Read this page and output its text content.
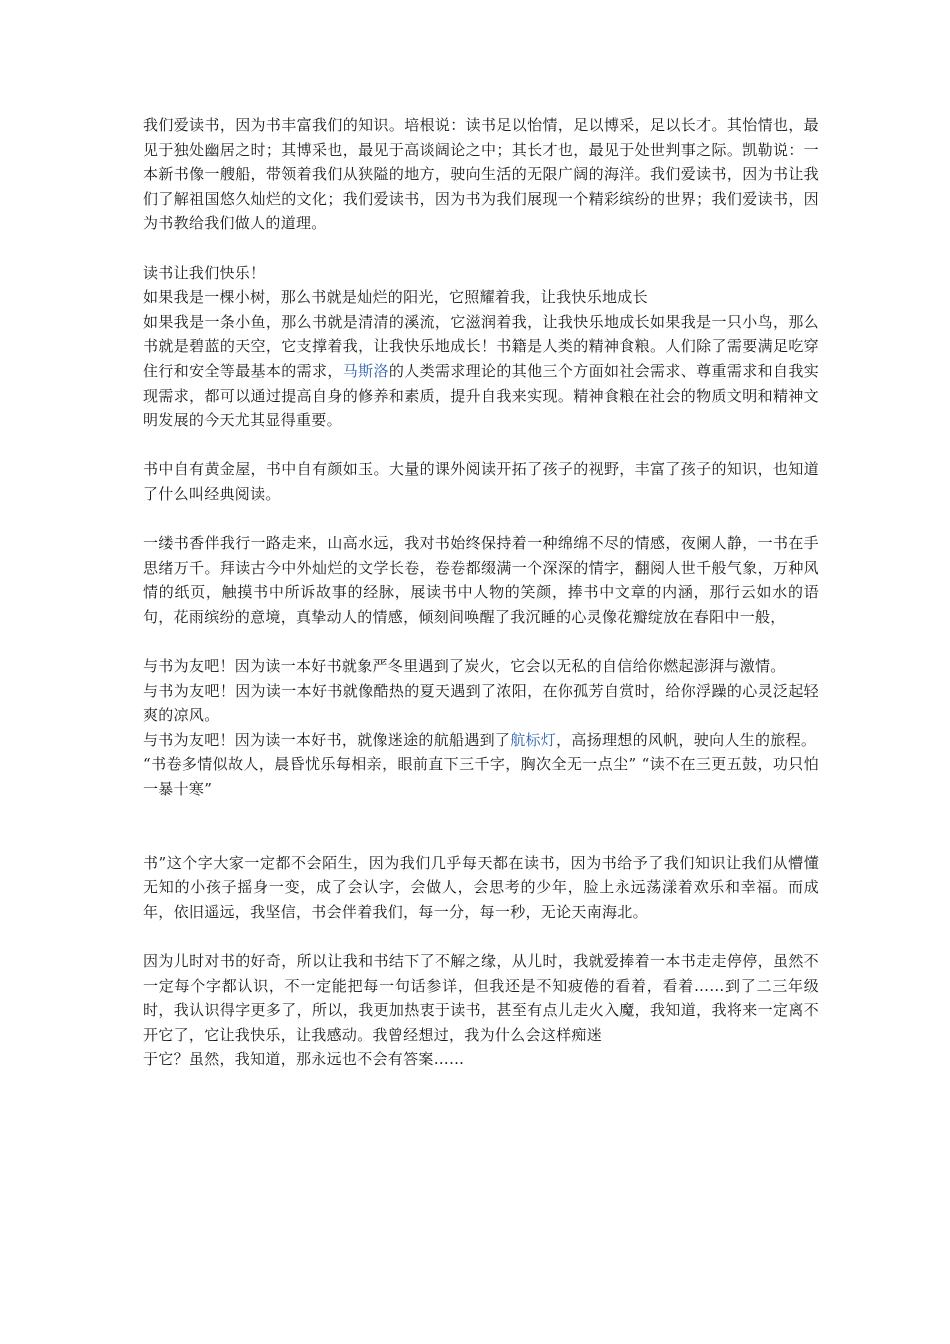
我们爱读书，因为书丰富我们的知识。培根说：读书足以怡情，足以博采，足以长才。其怡情也，最见于独处幽居之时；其博采也，最见于高谈阔论之中；其长才也，最见于处世判事之际。凯勒说：一本新书像一艘船，带领着我们从狭隘的地方，驶向生活的无限广阔的海洋。我们爱读书，因为书让我们了解祖国悠久灿烂的文化；我们爱读书，因为书为我们展现一个精彩缤纷的世界；我们爱读书，因为书教给我们做人的道理。

读书让我们快乐！

如果我是一棵小树，那么书就是灿烂的阳光，它照耀着我，让我快乐地成长

如果我是一条小鱼，那么书就是清清的溪流，它滋润着我，让我快乐地成长如果我是一只小鸟，那么书就是碧蓝的天空，它支撑着我，让我快乐地成长！书籍是人类的精神食粮。人们除了需要满足吃穿住行和安全等最基本的需求，马斯洛的人类需求理论的其他三个方面如社会需求、尊重需求和自我实现需求，都可以通过提高自身的修养和素质，提升自我来实现。精神食粮在社会的物质文明和精神文明发展的今天尤其显得重要。

书中自有黄金屋，书中自有颜如玉。大量的课外阅读开拓了孩子的视野，丰富了孩子的知识，也知道了什么叫经典阅读。

一缕书香伴我行一路走来，山高水远，我对书始终保持着一种绵绵不尽的情感，夜阑人静，一书在手思绪万千。拜读古今中外灿烂的文学长卷，卷卷都缀满一个深深的情字，翻阅人世千般气象，万种风情的纸页，触摸书中所诉故事的经脉，展读书中人物的笑颜，捧书中文章的内涵，那行云如水的语句，花雨缤纷的意境，真挚动人的情感，倾刻间唤醒了我沉睡的心灵像花瓣绽放在春阳中一般，

与书为友吧！因为读一本好书就象严冬里遇到了炭火，它会以无私的自信给你燃起澎湃与激情。

与书为友吧！因为读一本好书就像酷热的夏天遇到了浓阳，在你孤芳自赏时，给你浮躁的心灵泛起轻爽的凉风。

与书为友吧！因为读一本好书，就像迷途的航船遇到了航标灯，高扬理想的风帆，驶向人生的旅程。

“书卷多情似故人，晨昏忧乐每相亲，眼前直下三千字，胸次全无一点尘” “读不在三更五鼓，功只怕一暴十寒”

书”这个字大家一定都不会陌生，因为我们几乎每天都在读书，因为书给予了我们知识让我们从懵懂无知的小孩子摇身一变，成了会认字，会做人，会思考的少年，脸上永远荡漾着欢乐和幸福。而成年，依旧遥远，我坚信，书会伴着我们，每一分，每一秒，无论天南海北。

因为儿时对书的好奇，所以让我和书结下了不解之缘，从儿时，我就爱捧着一本书走走停停，虽然不一定每个字都认识，不一定能把每一句话参详，但我还是不知疲倦的看着，看着……到了二三年级时，我认识得字更多了，所以，我更加热衷于读书，甚至有点儿走火入魔，我知道，我将来一定离不开它了，它让我快乐，让我感动。我曾经想过，我为什么会这样痴迷

于它？虽然，我知道，那永远也不会有答案……
